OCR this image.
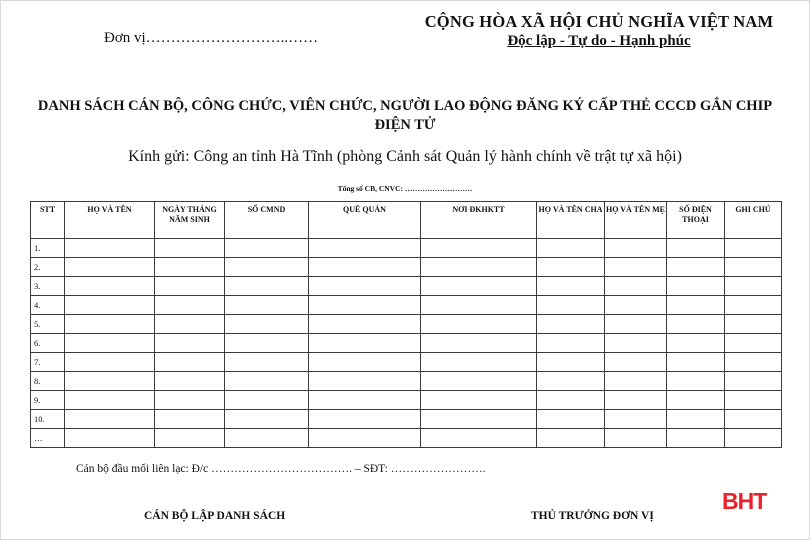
Đơn vị………………………..……
CỘNG HÒA XÃ HỘI CHỦ NGHĨA VIỆT NAM
Độc lập - Tự do - Hạnh phúc
DANH SÁCH CÁN BỘ, CÔNG CHỨC, VIÊN CHỨC, NGƯỜI LAO ĐỘNG ĐĂNG KÝ CẤP THẺ CCCD GẮN CHIP ĐIỆN TỬ
Kính gửi: Công an tỉnh Hà Tĩnh (phòng Cảnh sát Quản lý hành chính về trật tự xã hội)
Tổng số CB, CNVC: ………………………
STT	HỌ VÀ TÊN	NGÀY THÁNG NĂM SINH	SỐ CMND	QUÊ QUÁN	NƠI ĐKHKTT	HỌ VÀ TÊN CHA	HỌ VÀ TÊN MẸ	SỐ ĐIỆN THOẠI	GHI CHÚ
1.									
2.									
3.									
4.									
5.									
6.									
7.									
8.									
9.									
10.									
…									
Cán bộ đầu mối liên lạc: Đ/c ………………………………. – SĐT: …………………….
CÁN BỘ LẬP DANH SÁCH	THỦ TRƯỞNG ĐƠN VỊ
BHT
